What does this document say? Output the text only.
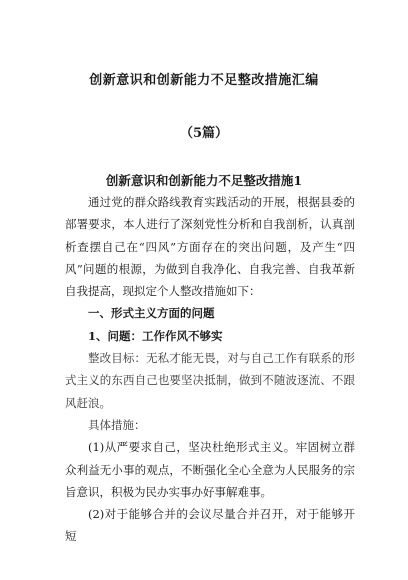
创新意识和创新能力不足整改措施汇编
（5篇）
创新意识和创新能力不足整改措施1

通过党的群众路线教育实践活动的开展，根据县委的部署要求，本人进行了深刻党性分析和自我剖析，认真剖析查摆自己在“四风”方面存在的突出问题，及产生“四风”问题的根源，为做到自我净化、自我完善、自我革新自我提高，现拟定个人整改措施如下：

一、形式主义方面的问题

1、问题：工作作风不够实

整改目标：无私才能无畏，对与自己工作有联系的形式主义的东西自己也要坚决抵制，做到不随波逐流、不跟风赶浪。

具体措施：

(1)从严要求自己，坚决杜绝形式主义。牢固树立群众利益无小事的观点，不断强化全心全意为人民服务的宗旨意识，积极为民办实事办好事解难事。

(2)对于能够合并的会议尽量合并召开，对于能够开短
